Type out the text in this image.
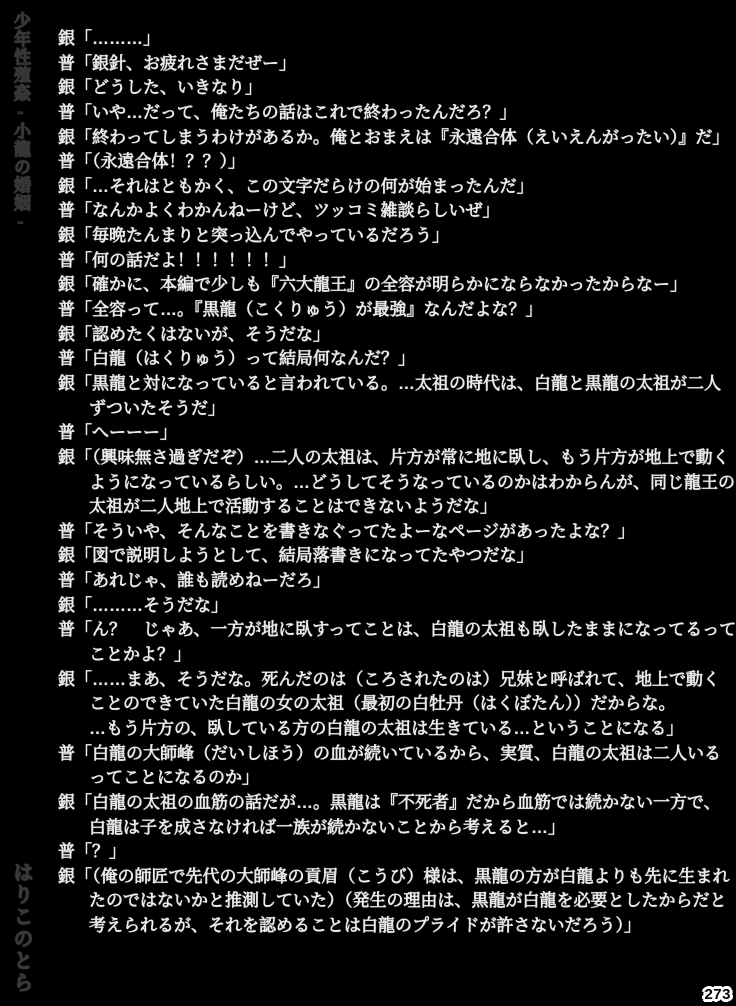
少年性殖姦-小龍の婚姻- 銀「………」
普「銀針、お疲れさまだぜー」
銀「どうした、いきなり」
普「いや…だって、俺たちの話はこれで終わったんだろ？」
銀「終わってしまうわけがあるか。俺とおまえは『永遠合体（えいえんがったい）』だ」
普「（永遠合体！？？）」
銀「…それはともかく、この文字だらけの何が始まったんだ」
普「なんかよくわかんねーけど、ツッコミ雑談らしいぜ」
銀「毎晩たんまりと突っ込んでやっているだろう」
普「何の話だよ！！！！！！」
銀「確かに、本編で少しも『六大龍王』の全容が明らかにならなかったからなー」
普「全容って…。『黒龍（こくりゅう）が最強』なんだよな？」
銀「認めたくはないが、そうだな」
普「白龍（はくりゅう）って結局何なんだ？」
銀「黒龍と対になっていると言われている。…太祖の時代は、白龍と黒龍の太祖が二人
ずついたそうだ」
普「へーーー」
銀「（興味無さ過ぎだぞ）…二人の太祖は、片方が常に地に臥し、もう片方が地上で動く
ようになっているらしい。…どうしてそうなっているのかはわからんが、同じ龍王の
太祖が二人地上で活動することはできないようだな」
普「そういや、そんなことを書きなぐってたよーなページがあったよな？」
銀「図で説明しようとして、結局落書きになってたやつだな」
普「あれじゃ、誰も読めねーだろ」
銀「………そうだな」
普「ん？　じゃあ、一方が地に臥すってことは、白龍の太祖も臥したままになってるって
ことかよ？」
銀「……まあ、そうだな。死んだのは（ころされたのは）兄妹と呼ばれて、地上で動く
ことのできていた白龍の女の太祖（最初の白牡丹（はくぼたん））だからな。
…もう片方の、臥している方の白龍の太祖は生きている…ということになる」
普「白龍の大師峰（だいしほう）の血が続いているから、実質、白龍の太祖は二人いる
ってことになるのか」
銀「白龍の太祖の血筋の話だが…。黒龍は『不死者』だから血筋では続かない一方で、
白龍は子を成さなければ一族が続かないことから考えると…」
普「？」
銀「（俺の師匠で先代の大師峰の貢眉（こうび）様は、黒龍の方が白龍よりも先に生まれ
たのではないかと推測していた）（発生の理由は、黒龍が白龍を必要としたからだと
考えられるが、それを認めることは白龍のプライドが許さないだろう）」
はりこのとら
273
